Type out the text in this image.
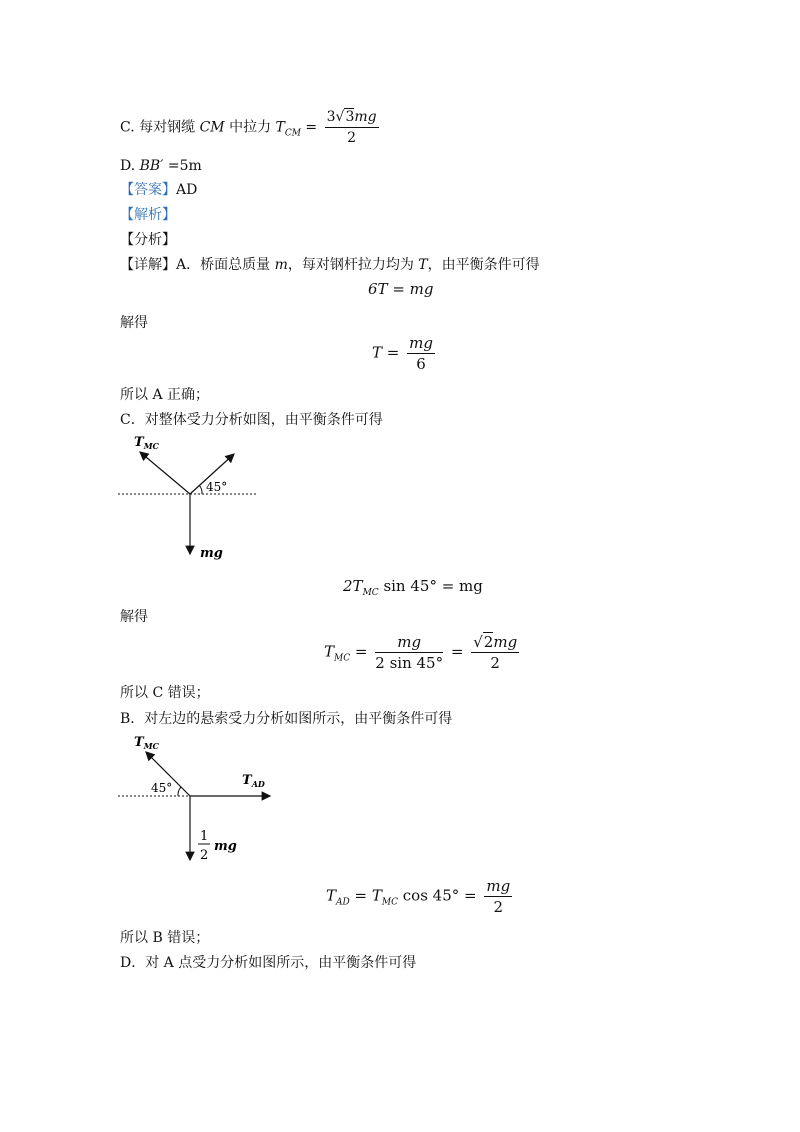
C. 每对钢缆 CM 中拉力 $T_{CM} = \frac{3√3mg}{2}$
D. BB′ =5m
【答案】AD
【解析】
【分析】
【详解】A．桥面总质量 m，每对钢杆拉力均为 T，由平衡条件可得
6T = mg
解得
$T = \frac{mg}{6}$
所以 A 正确；
C．对整体受力分析如图，由平衡条件可得
$T_{MC}$
45°
mg
$2T_{MC}$ sin 45° = mg
解得
$T_{MC} = \frac{mg}{2 \sin 45^\circ} = \frac{√2mg}{2}$
所以 C 错误；
B．对左边的悬索受力分析如图所示，由平衡条件可得
$T_{MC}$
$T_{AD}$
45°
1
2
mg
$T_{AD} = T_{MC}$ $\cos 45^\circ = \frac{mg}{2}$
所以 B 错误；
D．对 A 点受力分析如图所示，由平衡条件可得
